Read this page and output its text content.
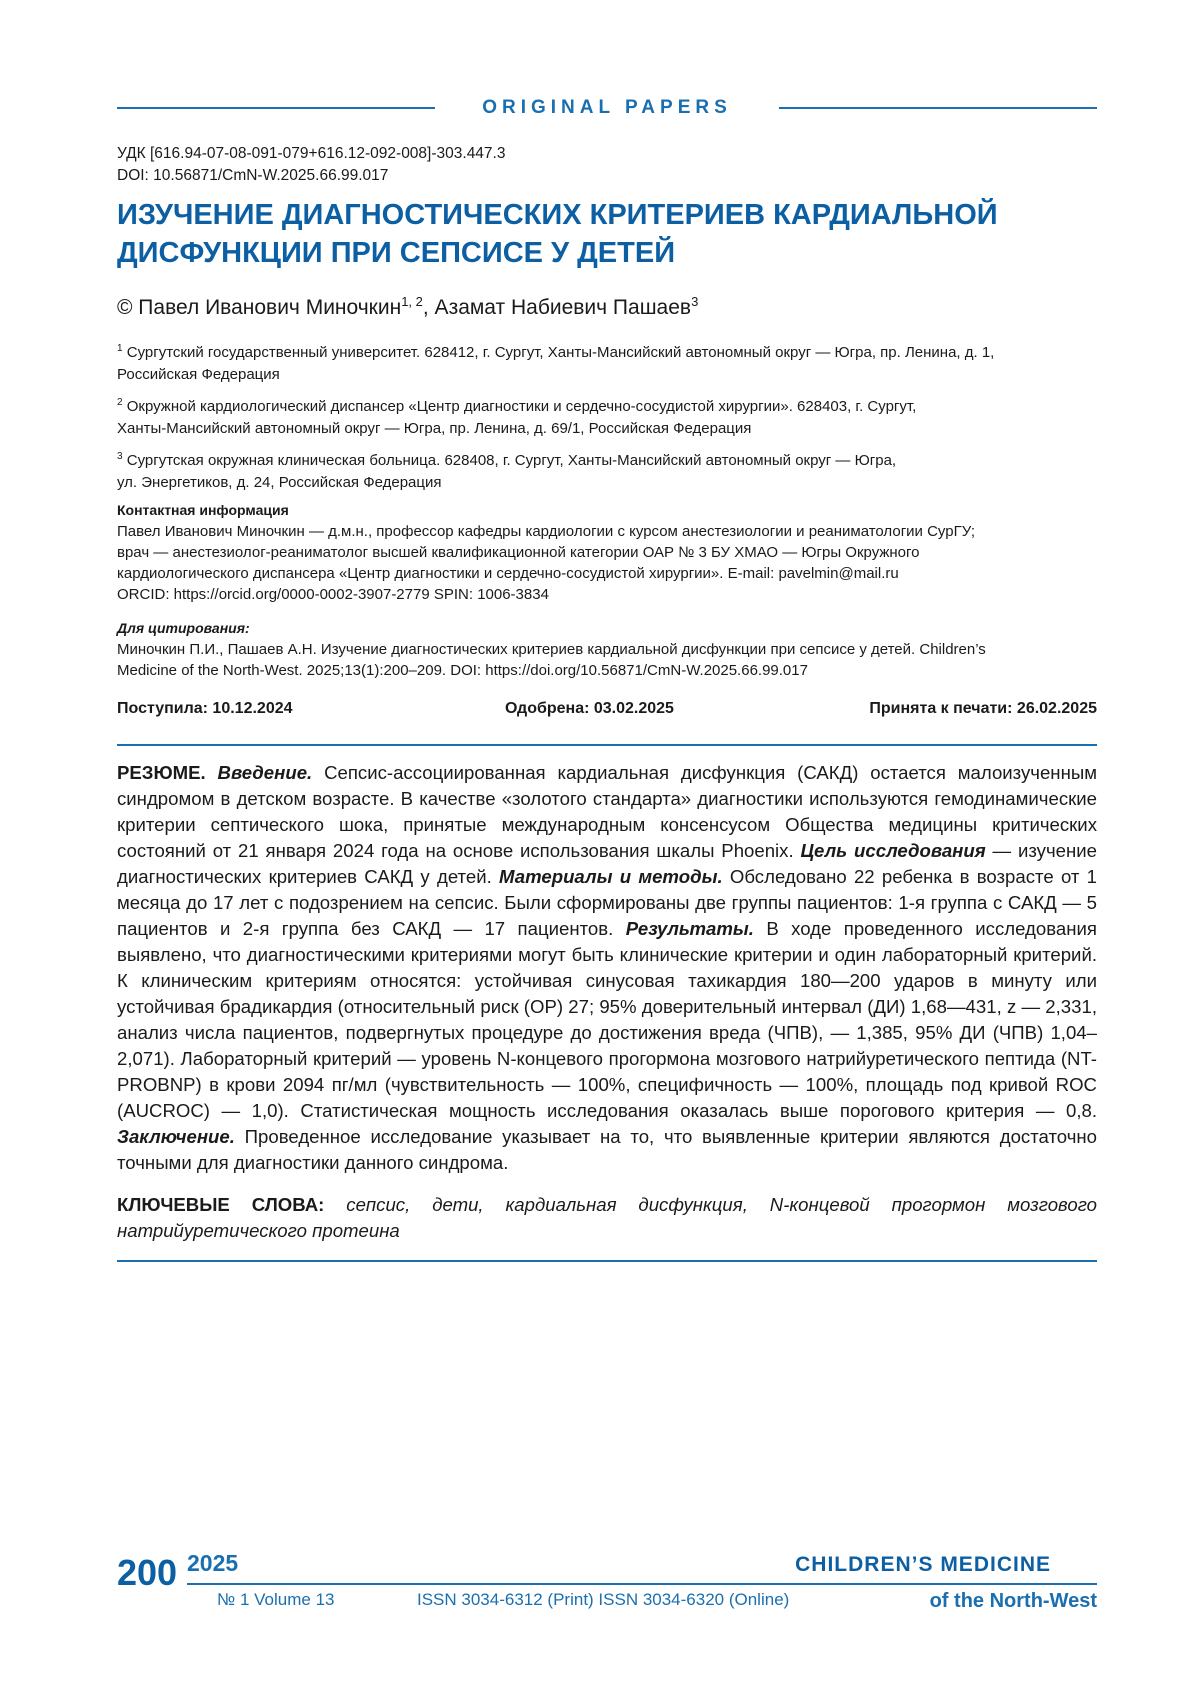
ORIGINAL PAPERS
УДК [616.94-07-08-091-079+616.12-092-008]-303.447.3
DOI: 10.56871/CmN-W.2025.66.99.017
ИЗУЧЕНИЕ ДИАГНОСТИЧЕСКИХ КРИТЕРИЕВ КАРДИАЛЬНОЙ
ДИСФУНКЦИИ ПРИ СЕПСИСЕ У ДЕТЕЙ
© Павел Иванович Миночкин$^{1, 2}$, Азамат Набиевич Пашаев$^3$
$^1$ Сургутский государственный университет. 628412, г. Сургут, Ханты-Мансийский автономный округ — Югра, пр. Ленина, д. 1,
Российская Федерация
$^2$ Окружной кардиологический диспансер «Центр диагностики и сердечно-сосудистой хирургии». 628403, г. Сургут,
Ханты-Мансийский автономный округ — Югра, пр. Ленина, д. 69/1, Российская Федерация
$^3$ Сургутская окружная клиническая больница. 628408, г. Сургут, Ханты-Мансийский автономный округ — Югра,
ул. Энергетиков, д. 24, Российская Федерация
Контактная информация
Павел Иванович Миночкин — д.м.н., профессор кафедры кардиологии с курсом анестезиологии и реаниматологии СурГУ;
врач — анестезиолог-реаниматолог высшей квалификационной категории ОАР № 3 БУ ХМАО — Югры Окружного
кардиологического диспансера «Центр диагностики и сердечно-сосудистой хирургии». E-mail: pavelmin@mail.ru
ORCID: https://orcid.org/0000-0002-3907-2779 SPIN: 1006-3834
Для цитирования:
Миночкин П.И., Пашаев А.Н. Изучение диагностических критериев кардиальной дисфункции при сепсисе у детей. Children’s
Medicine of the North-West. 2025;13(1):200–209. DOI: https://doi.org/10.56871/CmN-W.2025.66.99.017
Поступила: 10.12.2024	Одобрена: 03.02.2025	Принята к печати: 26.02.2025

РЕЗЮМЕ. Введение. Сепсис-ассоциированная кардиальная дисфункция (САКД) остается малоизученным синдромом в детском возрасте. В качестве «золотого стандарта» диагностики используются гемодинамические критерии септического шока, принятые международным консенсусом Общества медицины критических состояний от 21 января 2024 года на основе использования шкалы Phoenix. Цель исследования — изучение диагностических критериев САКД у детей. Материалы и методы. Обследовано 22 ребенка в возрасте от 1 месяца до 17 лет с подозрением на сепсис. Были сформированы две группы пациентов: 1-я группа с САКД — 5 пациентов и 2-я группа без САКД — 17 пациентов. Результаты. В ходе проведенного исследования выявлено, что диагностическими критериями могут быть клинические критерии и один лабораторный критерий. К клиническим критериям относятся: устойчивая синусовая тахикардия 180—200 ударов в минуту или устойчивая брадикардия (относительный риск (ОР) 27; 95% доверительный интервал (ДИ) 1,68—431, z — 2,331, анализ числа пациентов, подвергнутых процедуре до достижения вреда (ЧПВ), — 1,385, 95% ДИ (ЧПВ) 1,04–2,071). Лабораторный критерий — уровень N-концевого прогормона мозгового натрийуретического пептида (NT-PROBNP) в крови 2094 пг/мл (чувствительность — 100%, специфичность — 100%, площадь под кривой ROC (AUCROC) — 1,0). Статистическая мощность исследования оказалась выше порогового критерия — 0,8. Заключение. Проведенное исследование указывает на то, что выявленные критерии являются достаточно точными для диагностики данного синдрома.

КЛЮЧЕВЫЕ СЛОВА: сепсис, дети, кардиальная дисфункция, N-концевой прогормон мозгового натрийуретического протеина
200 2025
№ 1 Volume 13	ISSN 3034-6312 (Print) ISSN 3034-6320 (Online)
CHILDREN’S MEDICINE
of the North-West
